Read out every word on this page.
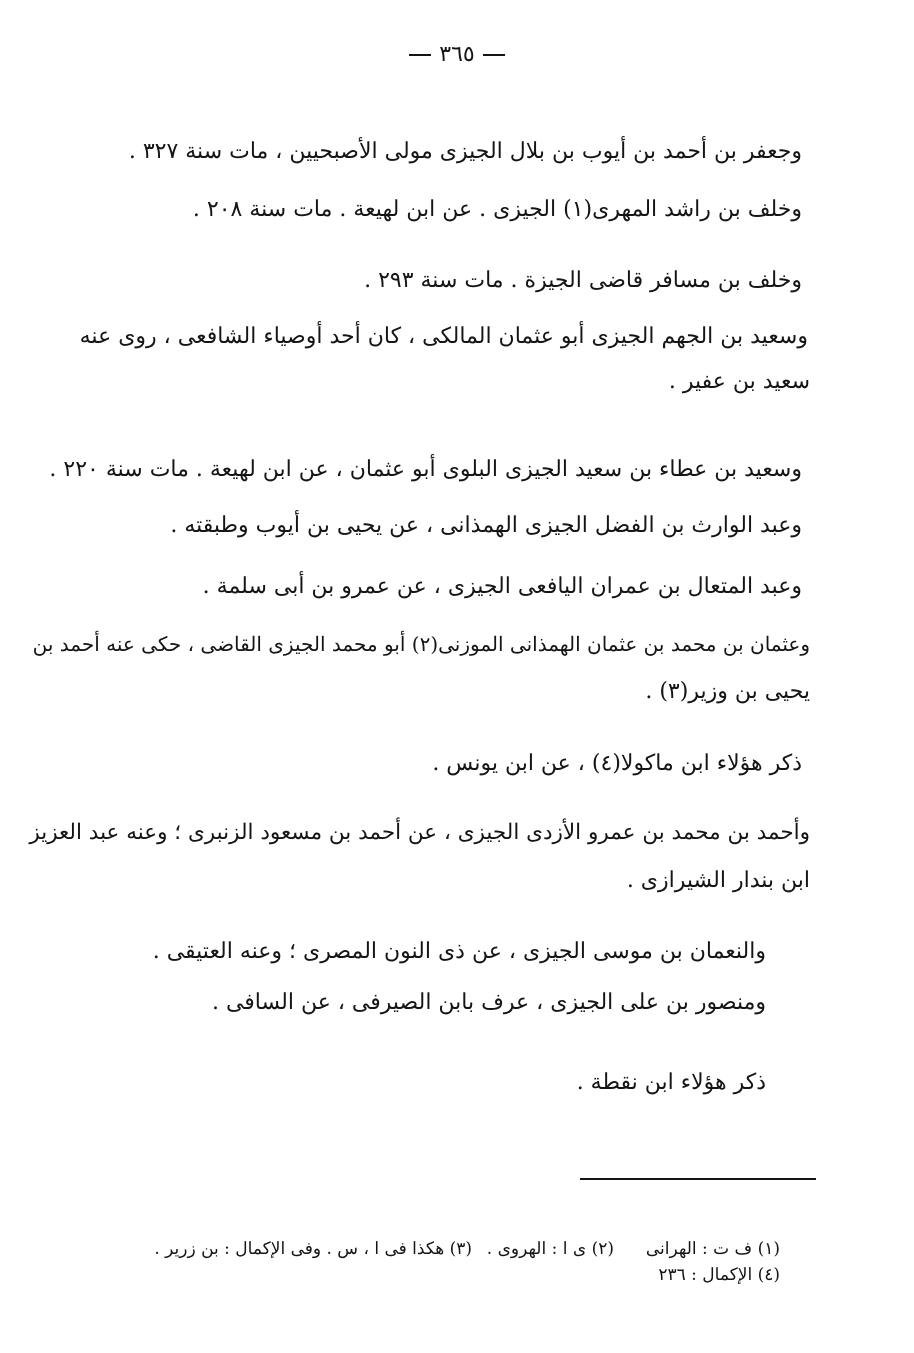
٣٦٥
وجعفر بن أحمد بن أيوب بن بلال الجيزى مولى الأصبحيين ، مات سنة ٣٢٧ .
وخلف بن راشد المهرى(١) الجيزى . عن ابن لهيعة . مات سنة ٢٠٨ .
وخلف بن مسافر قاضى الجيزة . مات سنة ٢٩٣ .
وسعيد بن الجهم الجيزى أبو عثمان المالكى ، كان أحد أوصياء الشافعى ، روى عنه
سعيد بن عفير .
وسعيد بن عطاء بن سعيد الجيزى البلوى أبو عثمان ، عن ابن لهيعة . مات سنة ٢٢٠ .
وعبد الوارث بن الفضل الجيزى الهمذانى ، عن يحيى بن أيوب وطبقته .
وعبد المتعال بن عمران اليافعى الجيزى ، عن عمرو بن أبى سلمة .
وعثمان بن محمد بن عثمان الهمذانى الموزنى(٢) أبو محمد الجيزى القاضى ، حكى عنه أحمد بن
يحيى بن وزير(٣) .
ذكر هؤلاء ابن ماكولا(٤) ، عن ابن يونس .
وأحمد بن محمد بن عمرو الأزدى الجيزى ، عن أحمد بن مسعود الزنبرى ؛ وعنه عبد العزيز
ابن بندار الشيرازى .
والنعمان بن موسى الجيزى ، عن ذى النون المصرى ؛ وعنه العتيقى .
ومنصور بن على الجيزى ، عرف بابن الصيرفى ، عن السافى .
ذكر هؤلاء ابن نقطة .
(١) ف ت : الهرانى
(٢) ى ا : الهروى .
(٣) هكذا فى ا ، س . وفى الإكمال : بن زرير .
(٤) الإكمال : ٢٣٦
